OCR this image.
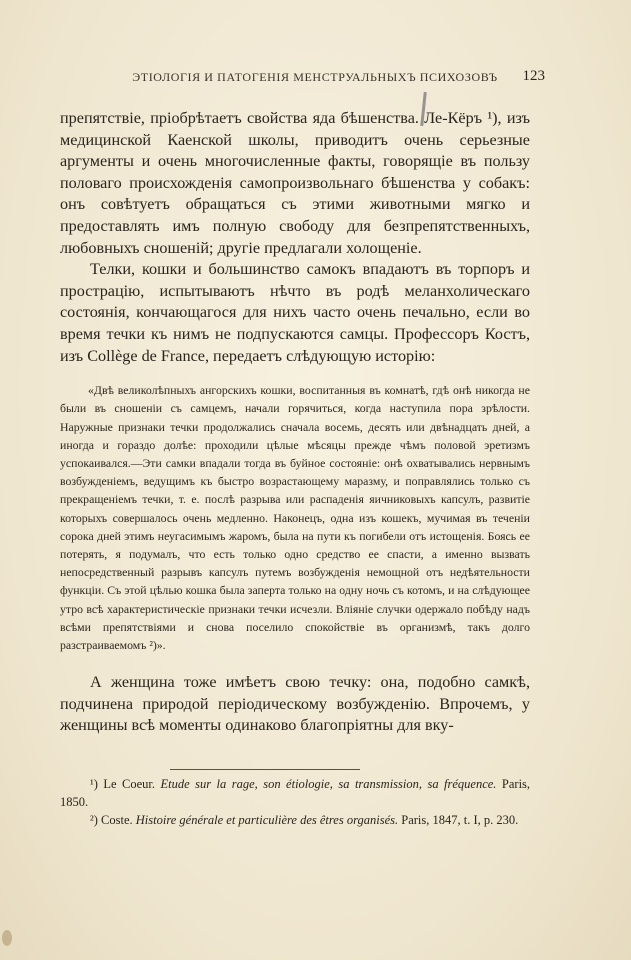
ЭТІОЛОГІЯ И ПАТОГЕНІЯ МЕНСТРУАЛЬНЫХЪ ПСИХОЗОВЪ	123

препятствіе, пріобрѣтаетъ свойства яда бѣшенства. Ле-Кёръ ¹), изъ медицинской Каенской школы, приводитъ очень серьезные аргументы и очень многочисленные факты, говорящіе въ пользу половаго происхожденія самопроизвольнаго бѣшенства у собакъ: онъ совѣтуетъ обращаться съ этими животными мягко и предоставлять имъ полную свободу для безпрепятственныхъ, любовныхъ сношеній; другіе предлагали холощеніе.

Телки, кошки и большинство самокъ впадаютъ въ торпоръ и прострацію, испытываютъ нѣчто въ родѣ меланхолическаго состоянія, кончающагося для нихъ часто очень печально, если во время течки къ нимъ не подпускаются самцы. Профессоръ Костъ, изъ Collège de France, передаетъ слѣдующую исторію:

«Двѣ великолѣпныхъ ангорскихъ кошки, воспитанныя въ комнатѣ, гдѣ онѣ никогда не были въ сношеніи съ самцемъ, начали горячиться, когда наступила пора зрѣлости. Наружные признаки течки продолжались сначала восемь, десять или двѣнадцать дней, а иногда и гораздо долѣе: проходили цѣлые мѣсяцы прежде чѣмъ половой эретизмъ успокаивался.—Эти самки впадали тогда въ буйное состояніе: онѣ охватывались нервнымъ возбужденіемъ, ведущимъ къ быстро возрастающему маразму, и поправлялись только съ прекращеніемъ течки, т. е. послѣ разрыва или распаденія яичниковыхъ капсулъ, развитіе которыхъ совершалось очень медленно. Наконецъ, одна изъ кошекъ, мучимая въ теченіи сорока дней этимъ неугасимымъ жаромъ, была на пути къ погибели отъ истощенія. Боясь ее потерять, я подумалъ, что есть только одно средство ее спасти, а именно вызвать непосредственный разрывъ капсулъ путемъ возбужденія немощной отъ недѣятельности функціи. Съ этой цѣлью кошка была заперта только на одну ночь съ котомъ, и на слѣдующее утро всѣ характеристическіе признаки течки исчезли. Вліяніе случки одержало побѣду надъ всѣми препятствіями и снова поселило спокойствіе въ организмѣ, такъ долго разстраиваемомъ ²)».

А женщина тоже имѣетъ свою течку: она, подобно самкѣ, подчинена природой періодическому возбужденію. Впрочемъ, у женщины всѣ моменты одинаково благопріятны для вку-

¹) Le Coeur. Etude sur la rage, son étiologie, sa transmission, sa fréquence. Paris, 1850.

²) Coste. Histoire générale et particulière des êtres organisés. Paris, 1847, t. I, p. 230.
